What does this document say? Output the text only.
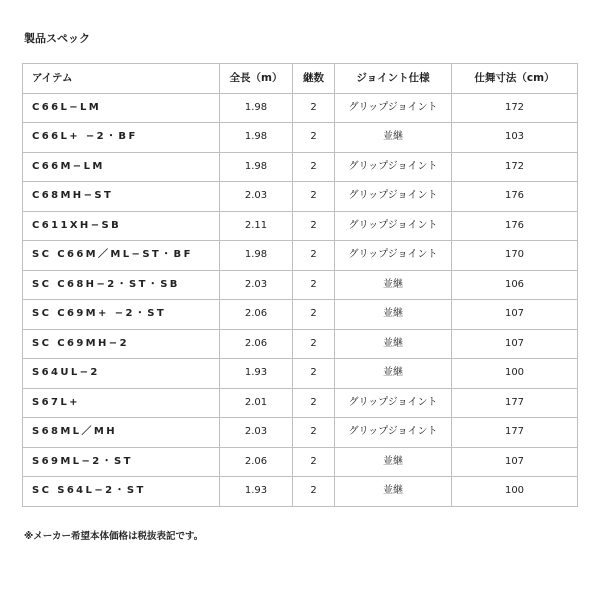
製品スペック
アイテム	全長（m）	継数	ジョイント仕様	仕舞寸法（cm）
C66L−LM	1.98	2	グリップジョイント	172
C66L+ −2・BF	1.98	2	並継	103
C66M−LM	1.98	2	グリップジョイント	172
C68MH−ST	2.03	2	グリップジョイント	176
C611XH−SB	2.11	2	グリップジョイント	176
SC C66M／ML−ST・BF	1.98	2	グリップジョイント	170
SC C68H−2・ST・SB	2.03	2	並継	106
SC C69M+ −2・ST	2.06	2	並継	107
SC C69MH−2	2.06	2	並継	107
S64UL−2	1.93	2	並継	100
S67L+	2.01	2	グリップジョイント	177
S68ML／MH	2.03	2	グリップジョイント	177
S69ML−2・ST	2.06	2	並継	107
SC S64L−2・ST	1.93	2	並継	100
※メーカー希望本体価格は税抜表記です。
